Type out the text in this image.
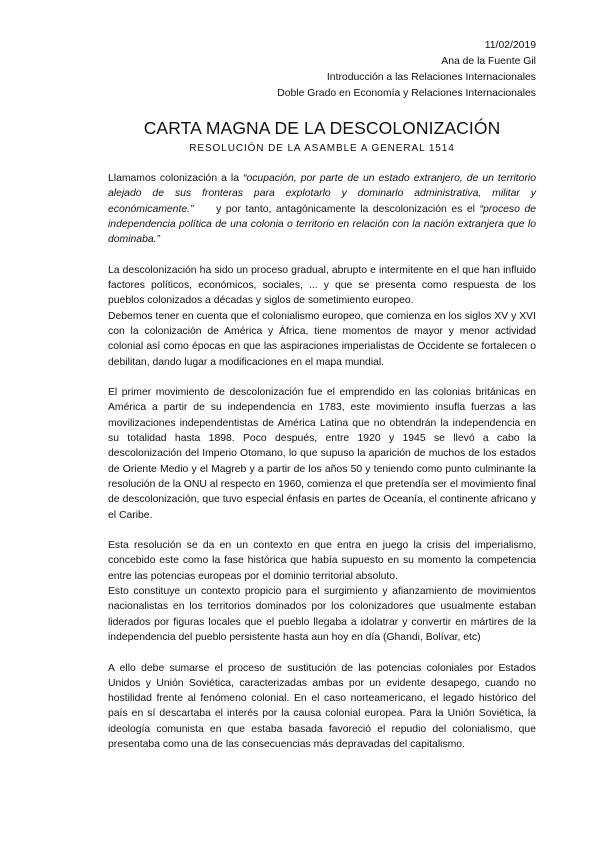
11/02/2019
Ana de la Fuente Gil
Introducción a las Relaciones Internacionales
Doble Grado en Economía y Relaciones Internacionales
CARTA MAGNA DE LA DESCOLONIZACIÓN
RESOLUCIÓN DE LA ASAMBLE A GENERAL 1514

Llamamos colonización a la “ocupación, por parte de un estado extranjero, de un territorio alejado de sus fronteras para explotarlo y dominarlo administrativa, militar y económicamente.”     y por tanto, antagónicamente la descolonización es el “proceso de independencia política de una colonia o territorio en relación con la nación extranjera que lo dominaba.”

La descolonización ha sido un proceso gradual, abrupto e intermitente en el que han influido factores políticos, económicos, sociales, ... y que se presenta como respuesta de los pueblos colonizados a décadas y siglos de sometimiento europeo.

Debemos tener en cuenta que el colonialismo europeo, que comienza en los siglos XV y XVI con la colonización de América y África, tiene momentos de mayor y menor actividad colonial así como épocas en que las aspiraciones imperialistas de Occidente se fortalecen o debilitan, dando lugar a modificaciones en el mapa mundial.

El primer movimiento de descolonización fue el emprendido en las colonias británicas en América a partir de su independencia en 1783, este movimiento insufla fuerzas a las movilizaciones independentistas de América Latina que no obtendrán la independencia en su totalidad hasta 1898. Poco después, entre 1920 y 1945 se llevó a cabo la descolonización del Imperio Otomano, lo que supuso la aparición de muchos de los estados de Oriente Medio y el Magreb y a partir de los años 50 y teniendo como punto culminante la resolución de la ONU al respecto en 1960, comienza el que pretendía ser el movimiento final de descolonización, que tuvo especial énfasis en partes de Oceanía, el continente africano y el Caribe.

Esta resolución se da en un contexto en que entra en juego la crisis del imperialismo, concebido este como la fase histórica que había supuesto en su momento la competencia entre las potencias europeas por el dominio territorial absoluto.

Esto constituye un contexto propicio para el surgimiento y afianzamiento de movimientos nacionalistas en los territorios dominados por los colonizadores que usualmente estaban liderados por figuras locales que el pueblo llegaba a idolatrar y convertir en mártires de la independencia del pueblo persistente hasta aun hoy en día (Ghandi, Bolívar, etc)

A ello debe sumarse el proceso de sustitución de las potencias coloniales por Estados Unidos y Unión Soviética, caracterizadas ambas por un evidente desapego, cuando no hostilidad frente al fenómeno colonial. En el caso norteamericano, el legado histórico del país en sí descartaba el interés por la causa colonial europea. Para la Unión Soviética, la ideología comunista en que estaba basada favoreció el repudio del colonialismo, que presentaba como una de las consecuencias más depravadas del capitalismo.
